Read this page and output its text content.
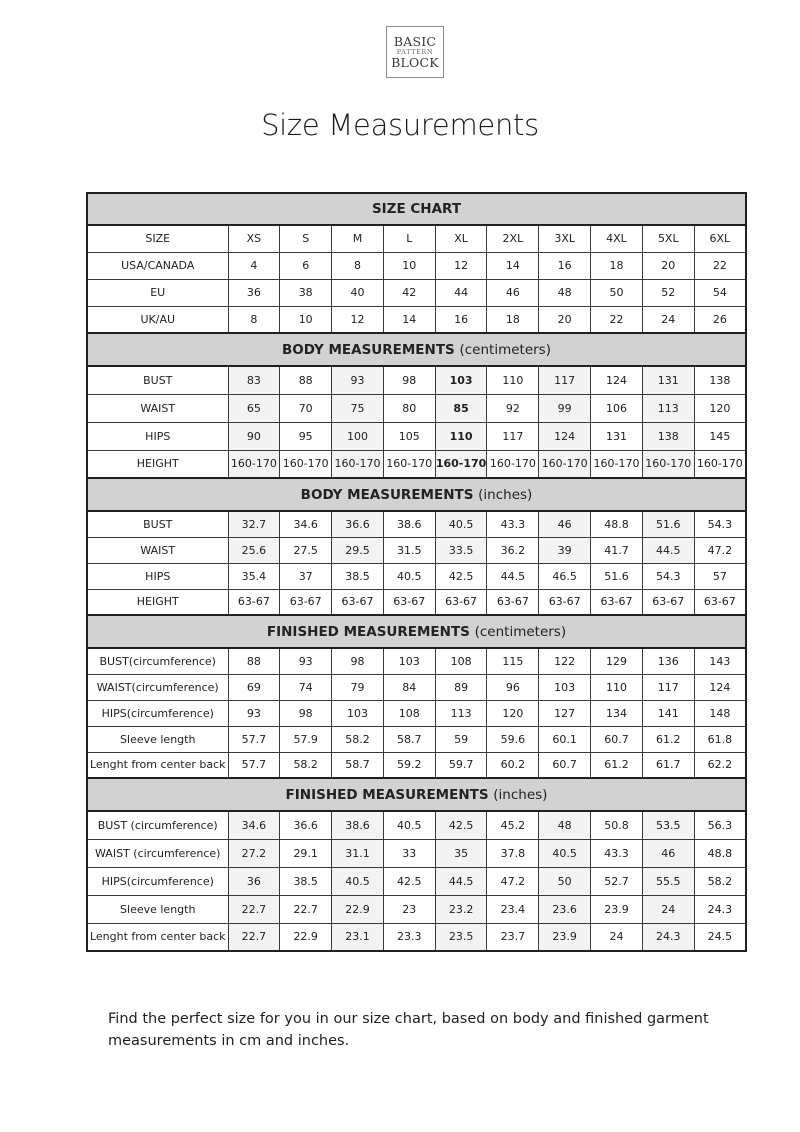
BASIC
PATTERN
BLOCK
Size Measurements
SIZE CHART										
SIZE	XS	S	M	L	XL	2XL	3XL	4XL	5XL	6XL
USA/CANADA	4	6	8	10	12	14	16	18	20	22
EU	36	38	40	42	44	46	48	50	52	54
UK/AU	8	10	12	14	16	18	20	22	24	26
BODY MEASUREMENTS (centimeters)										
BUST	83	88	93	98	103	110	117	124	131	138
WAIST	65	70	75	80	85	92	99	106	113	120
HIPS	90	95	100	105	110	117	124	131	138	145
HEIGHT	160-170	160-170	160-170	160-170	160-170	160-170	160-170	160-170	160-170	160-170
BODY MEASUREMENTS (inches)										
BUST	32.7	34.6	36.6	38.6	40.5	43.3	46	48.8	51.6	54.3
WAIST	25.6	27.5	29.5	31.5	33.5	36.2	39	41.7	44.5	47.2
HIPS	35.4	37	38.5	40.5	42.5	44.5	46.5	51.6	54.3	57
HEIGHT	63-67	63-67	63-67	63-67	63-67	63-67	63-67	63-67	63-67	63-67
FINISHED MEASUREMENTS (centimeters)										
BUST(circumference)	88	93	98	103	108	115	122	129	136	143
WAIST(circumference)	69	74	79	84	89	96	103	110	117	124
HIPS(circumference)	93	98	103	108	113	120	127	134	141	148
Sleeve length	57.7	57.9	58.2	58.7	59	59.6	60.1	60.7	61.2	61.8
Lenght from center back	57.7	58.2	58.7	59.2	59.7	60.2	60.7	61.2	61.7	62.2
FINISHED MEASUREMENTS (inches)										
BUST (circumference)	34.6	36.6	38.6	40.5	42.5	45.2	48	50.8	53.5	56.3
WAIST (circumference)	27.2	29.1	31.1	33	35	37.8	40.5	43.3	46	48.8
HIPS(circumference)	36	38.5	40.5	42.5	44.5	47.2	50	52.7	55.5	58.2
Sleeve length	22.7	22.7	22.9	23	23.2	23.4	23.6	23.9	24	24.3
Lenght from center back	22.7	22.9	23.1	23.3	23.5	23.7	23.9	24	24.3	24.5
Find the perfect size for you in our size chart, based on body and finished garment measurements in cm and inches.
